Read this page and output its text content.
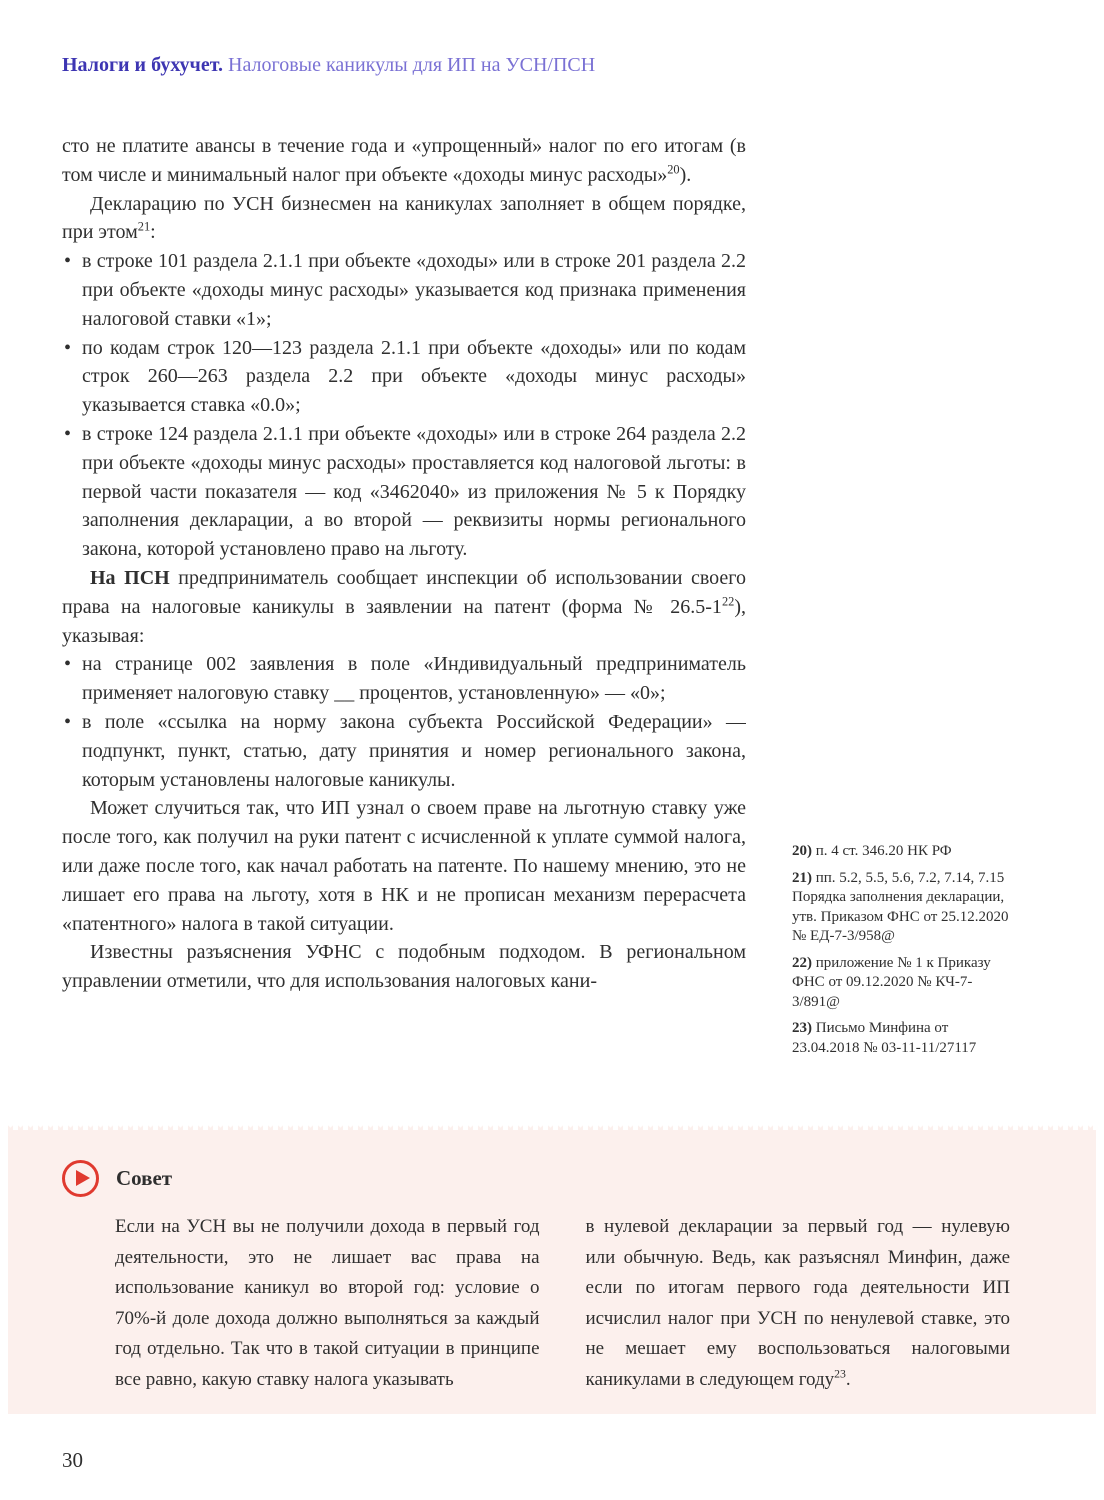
Налоги и бухучет. Налоговые каникулы для ИП на УСН/ПСН

сто не платите авансы в течение года и «упрощенный» налог по его итогам (в том числе и минимальный налог при объекте «доходы минус расходы»$^{20}$).

Декларацию по УСН бизнесмен на каникулах заполняет в общем порядке, при этом$^{21}$:

• в строке 101 раздела 2.1.1 при объекте «доходы» или в строке 201 раздела 2.2 при объекте «доходы минус расходы» указывается код признака применения налоговой ставки «1»;
• по кодам строк 120—123 раздела 2.1.1 при объекте «доходы» или по кодам строк 260—263 раздела 2.2 при объекте «доходы минус расходы» указывается ставка «0.0»;
• в строке 124 раздела 2.1.1 при объекте «доходы» или в строке 264 раздела 2.2 при объекте «доходы минус расходы» проставляется код налоговой льготы: в первой части показателя — код «3462040» из приложения № 5 к Порядку заполнения декларации, а во второй — реквизиты нормы регионального закона, которой установлено право на льготу.

На ПСН предприниматель сообщает инспекции об использовании своего права на налоговые каникулы в заявлении на патент (форма № $26.5-1^{22}$), указывая:

• на странице 002 заявления в поле «Индивидуальный предприниматель применяет налоговую ставку __ процентов, установленную» — «0»;
• в поле «ссылка на норму закона субъекта Российской Федерации» — подпункт, пункт, статью, дату принятия и номер регионального закона, которым установлены налоговые каникулы.

Может случиться так, что ИП узнал о своем праве на льготную ставку уже после того, как получил на руки патент с исчисленной к уплате суммой налога, или даже после того, как начал работать на патенте. По нашему мнению, это не лишает его права на льготу, хотя в НК и не прописан механизм перерасчета «патентного» налога в такой ситуации.

Известны разъяснения УФНС с подобным подходом. В региональном управлении отметили, что для использования налоговых кани-

20) п. 4 ст. 346.20 НК РФ
21) пп. 5.2, 5.5, 5.6, 7.2, 7.14, 7.15 Порядка заполнения декларации, утв. Приказом ФНС от 25.12.2020 № ЕД-7-3/958@
22) приложение № 1 к Приказу ФНС от 09.12.2020 № КЧ-7-3/891@
23) Письмо Минфина от 23.04.2018 № 03-11-11/27117
Совет
Если на УСН вы не получили дохода в первый год деятельности, это не лишает вас права на использование каникул во второй год: условие о 70%-й доле дохода должно выполняться за каждый год отдельно. Так что в такой ситуации в принципе все равно, какую ставку налога указывать
в нулевой декларации за первый год — нулевую или обычную. Ведь, как разъяснял Минфин, даже если по итогам первого года деятельности ИП исчислил налог при УСН по ненулевой ставке, это не мешает ему воспользоваться налоговыми каникулами в следующем году$^{23}$.
30
